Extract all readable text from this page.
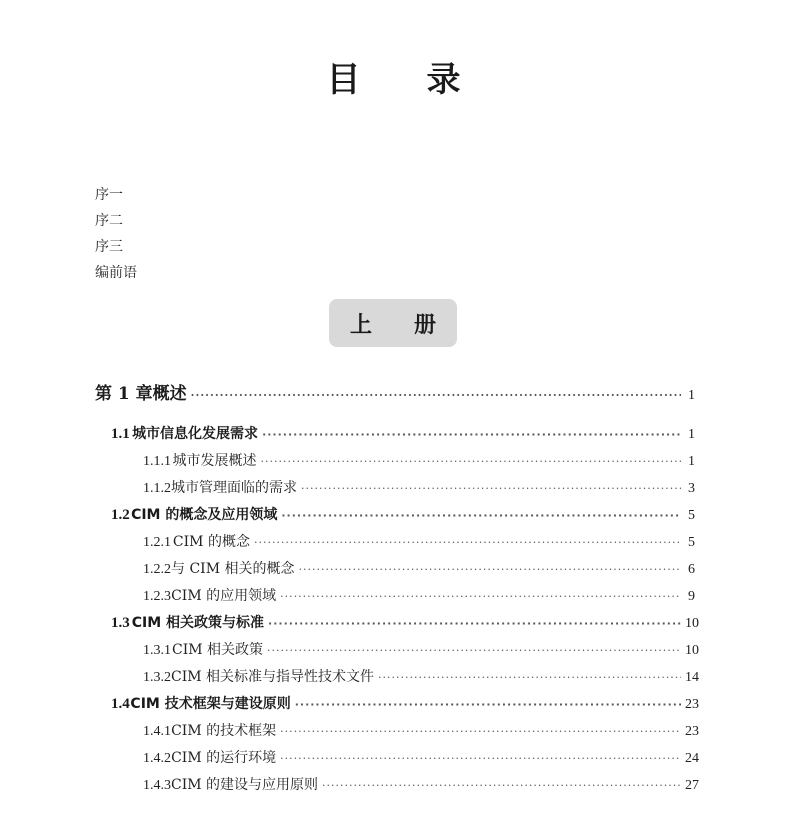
目 录
序一
序二
序三
编前语
上 册
第 1 章 概述 ·····	1
1.1 城市信息化发展需求 ·····	1
1.1.1 城市发展概述 ·····	1
1.1.2 城市管理面临的需求 ·····	3
1.2 CIM 的概念及应用领域 ·····	5
1.2.1 CIM 的概念 ·····	5
1.2.2 与 CIM 相关的概念 ·····	6
1.2.3 CIM 的应用领域 ·····	9
1.3 CIM 相关政策与标准 ·····	10
1.3.1 CIM 相关政策 ·····	10
1.3.2 CIM 相关标准与指导性技术文件 ·····	14
1.4 CIM 技术框架与建设原则 ·····	23
1.4.1 CIM 的技术框架 ·····	23
1.4.2 CIM 的运行环境 ·····	24
1.4.3 CIM 的建设与应用原则 ·····	27
